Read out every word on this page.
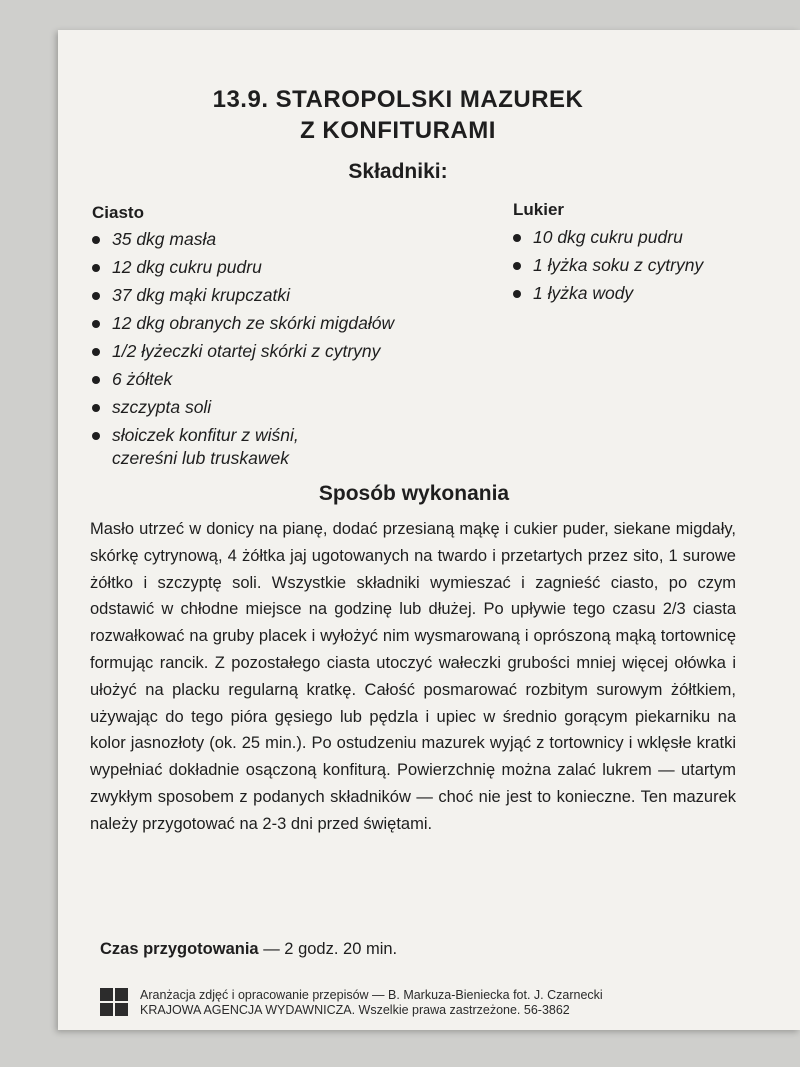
13.9. STAROPOLSKI MAZUREK
Z KONFITURAMI
Składniki:
Ciasto
35 dkg masła
12 dkg cukru pudru
37 dkg mąki krupczatki
12 dkg obranych ze skórki migdałów
1/2 łyżeczki otartej skórki z cytryny
6 żółtek
szczypta soli
słoiczek konfitur z wiśni, czereśni lub truskawek
Lukier
10 dkg cukru pudru
1 łyżka soku z cytryny
1 łyżka wody
Sposób wykonania

Masło utrzeć w donicy na pianę, dodać przesianą mąkę i cukier puder, siekane migdały, skórkę cytrynową, 4 żółtka jaj ugotowanych na twardo i przetartych przez sito, 1 surowe żółtko i szczyptę soli. Wszystkie składniki wymieszać i zagnieść ciasto, po czym odstawić w chłodne miejsce na godzinę lub dłużej. Po upływie tego czasu 2/3 ciasta rozwałkować na gruby placek i wyłożyć nim wysmarowaną i oprószoną mąką tortownicę formując rancik. Z pozostałego ciasta utoczyć wałeczki grubości mniej więcej ołówka i ułożyć na placku regularną kratkę. Całość posmarować rozbitym surowym żółtkiem, używając do tego pióra gęsiego lub pędzla i upiec w średnio gorącym piekarniku na kolor jasnozłoty (ok. 25 min.). Po ostudzeniu mazurek wyjąć z tortownicy i wklęsłe kratki wypełniać dokładnie osączoną konfiturą. Powierzchnię można zalać lukrem — utartym zwykłym sposobem z podanych składników — choć nie jest to konieczne. Ten mazurek należy przygotować na 2-3 dni przed świętami.

Czas przygotowania — 2 godz. 20 min.
Aranżacja zdjęć i opracowanie przepisów — B. Markuza-Bieniecka fot. J. Czarnecki
KRAJOWA AGENCJA WYDAWNICZA. Wszelkie prawa zastrzeżone. 56-3862
